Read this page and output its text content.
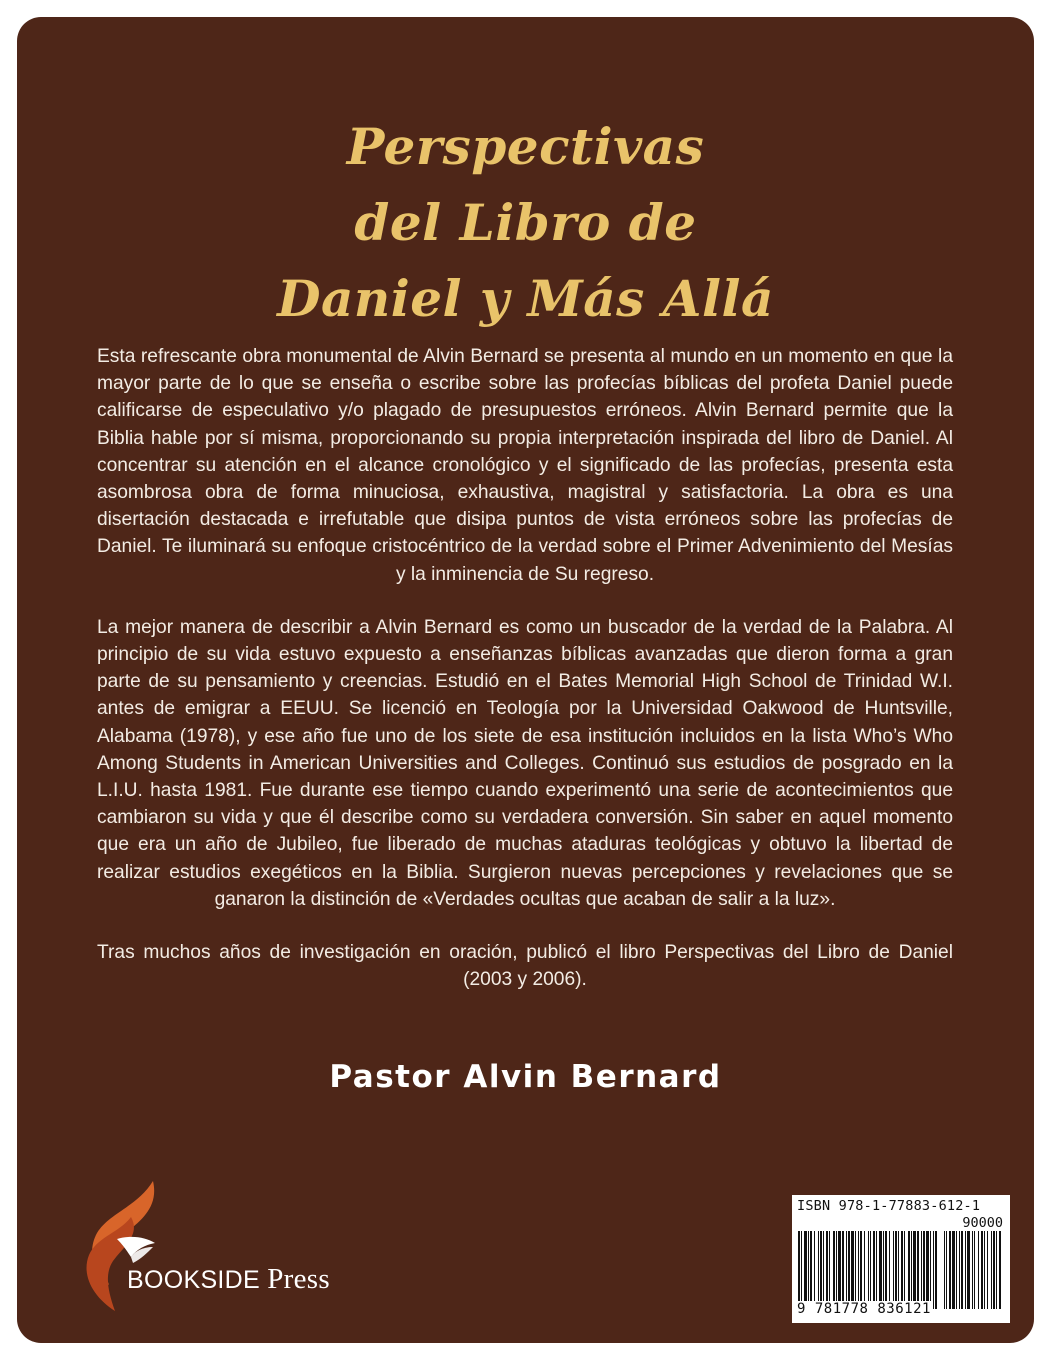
Perspectivas
del Libro de
Daniel y Más Allá

Esta refrescante obra monumental de Alvin Bernard se presenta al mundo en un momento en que la mayor parte de lo que se enseña o escribe sobre las profecías bíblicas del profeta Daniel puede calificarse de especulativo y/o plagado de presupuestos erróneos. Alvin Bernard permite que la Biblia hable por sí misma, proporcionando su propia interpretación inspirada del libro de Daniel. Al concentrar su atención en el alcance cronológico y el significado de las profecías, presenta esta asombrosa obra de forma minuciosa, exhaustiva, magistral y satisfactoria. La obra es una disertación destacada e irrefutable que disipa puntos de vista erróneos sobre las profecías de Daniel. Te iluminará su enfoque cristocéntrico de la verdad sobre el Primer Advenimiento del Mesías y la inminencia de Su regreso.

La mejor manera de describir a Alvin Bernard es como un buscador de la verdad de la Palabra. Al principio de su vida estuvo expuesto a enseñanzas bíblicas avanzadas que dieron forma a gran parte de su pensamiento y creencias. Estudió en el Bates Memorial High School de Trinidad W.I. antes de emigrar a EEUU. Se licenció en Teología por la Universidad Oakwood de Huntsville, Alabama (1978), y ese año fue uno de los siete de esa institución incluidos en la lista Who’s Who Among Students in American Universities and Colleges. Continuó sus estudios de posgrado en la L.I.U. hasta 1981. Fue durante ese tiempo cuando experimentó una serie de acontecimientos que cambiaron su vida y que él describe como su verdadera conversión. Sin saber en aquel momento que era un año de Jubileo, fue liberado de muchas ataduras teológicas y obtuvo la libertad de realizar estudios exegéticos en la Biblia. Surgieron nuevas percepciones y revelaciones que se ganaron la distinción de «Verdades ocultas que acaban de salir a la luz».

Tras muchos años de investigación en oración, publicó el libro Perspectivas del Libro de Daniel (2003 y 2006).

Pastor Alvin Bernard
BOOKSIDE Press
ISBN 978-1-77883-612-1
90000
9 781778 836121
